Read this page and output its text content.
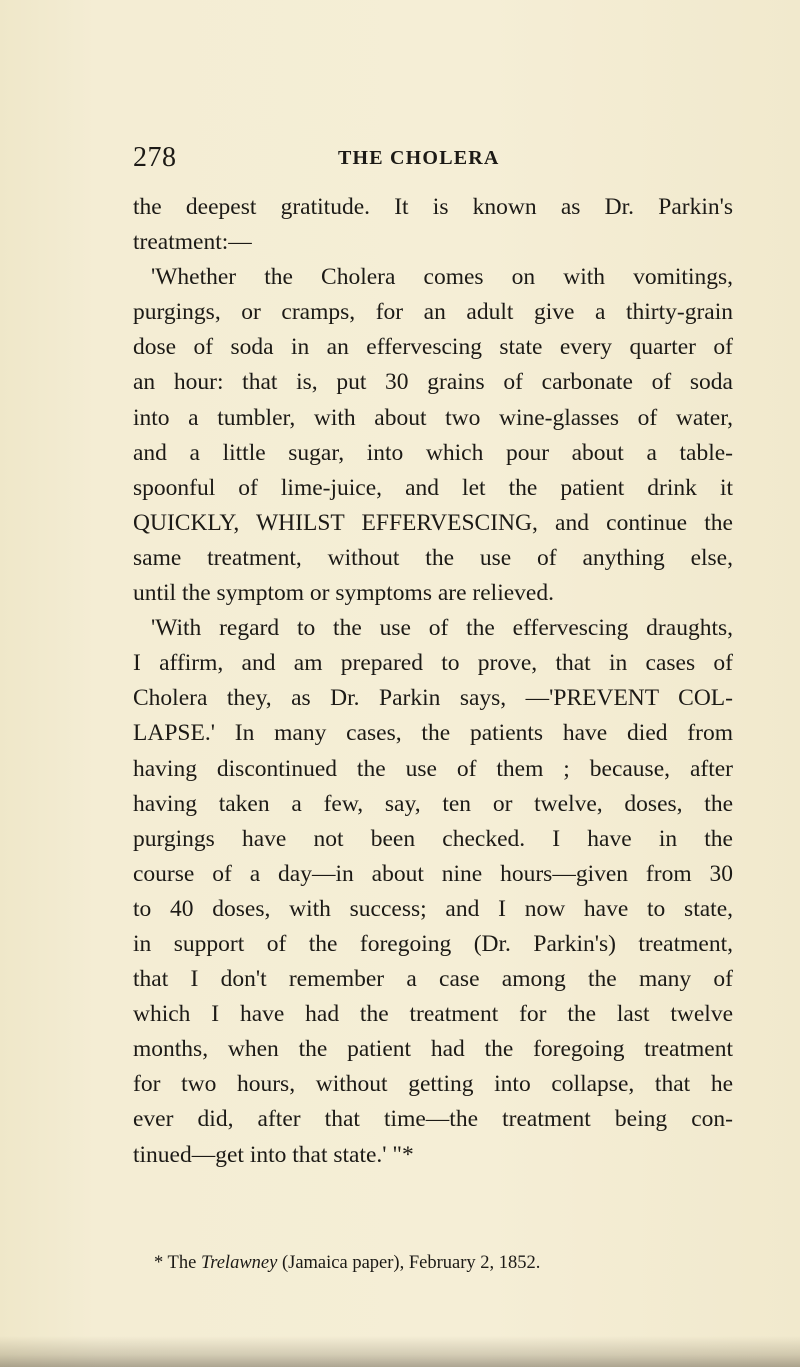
278	THE CHOLERA
the deepest gratitude. It is known as Dr. Parkin's
treatment:—
'Whether the Cholera comes on with vomitings,
purgings, or cramps, for an adult give a thirty-grain
dose of soda in an effervescing state every quarter of
an hour: that is, put 30 grains of carbonate of soda
into a tumbler, with about two wine-glasses of water,
and a little sugar, into which pour about a table-
spoonful of lime-juice, and let the patient drink it
QUICKLY, WHILST EFFERVESCING, and continue the
same treatment, without the use of anything else,
until the symptom or symptoms are relieved.
'With regard to the use of the effervescing draughts,
I affirm, and am prepared to prove, that in cases of
Cholera they, as Dr. Parkin says, —'PREVENT COL-
LAPSE.' In many cases, the patients have died from
having discontinued the use of them ; because, after
having taken a few, say, ten or twelve, doses, the
purgings have not been checked. I have in the
course of a day—in about nine hours—given from 30
to 40 doses, with success; and I now have to state,
in support of the foregoing (Dr. Parkin's) treatment,
that I don't remember a case among the many of
which I have had the treatment for the last twelve
months, when the patient had the foregoing treatment
for two hours, without getting into collapse, that he
ever did, after that time—the treatment being con-
tinued—get into that state.' "*
* The Trelawney (Jamaica paper), February 2, 1852.
